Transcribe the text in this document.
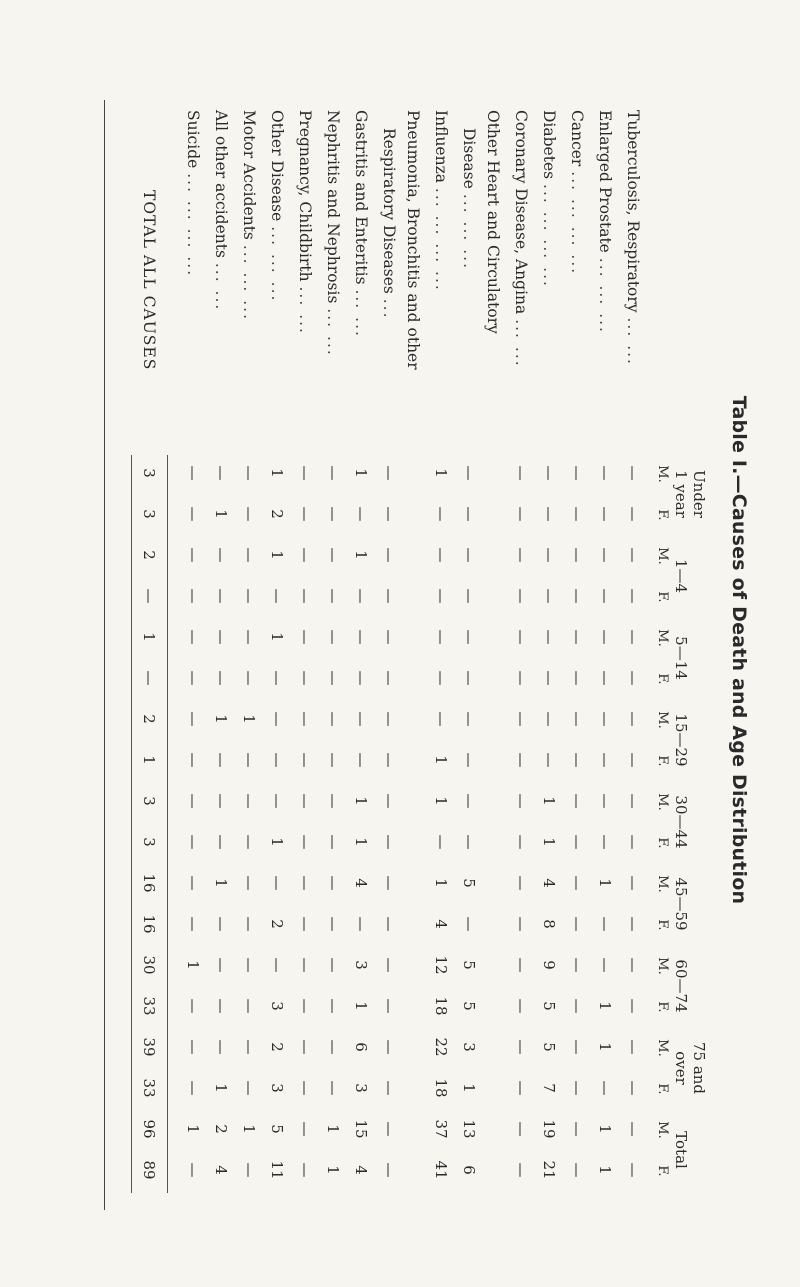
Table I.—Causes of Death and Age Distribution
Under
1 year
M.
F.
1—4
M.
F.
5—14
M.
F.
15—29
M.
F.
30—44
M.
F.
45—59
M.
F.
60—74
M.
F.
75 and
over
M.
F.
Total
M.
F.
Tuberculosis, Respiratory ... ...
—
—
—
—
—
—
—
—
—
—
—
—
—
—
—
—
—
—
Enlarged Prostate ... ... ...
—
—
—
—
—
—
—
—
—
—
1
—
—
1
1
—
1
1
Cancer ... ... ... ...
—
—
—
—
—
—
—
—
—
—
—
—
—
—
—
—
—
—
Diabetes ... ... ... ...
—
—
—
—
—
—
—
—
1
1
4
8
9
5
5
7
19
21
Coronary Disease, Angina ... ...
—
—
—
—
—
—
—
—
—
—
—
—
—
—
—
—
—
—
Other Heart and Circulatory
Disease ... ... ...
—
—
—
—
—
—
—
—
—
—
5
—
5
5
3
1
13
6
Influenza ... ... ... ...
1
—
—
—
—
—
—
1
1
—
1
4
12
18
22
18
37
41
Pneumonia, Bronchitis and other
Respiratory Diseases ...
—
—
—
—
—
—
—
—
—
—
—
—
—
—
—
—
—
—
Gastritis and Enteritis ... ...
1
—
1
—
—
—
—
—
1
1
4
—
3
1
6
3
15
4
Nephritis and Nephrosis ... ...
—
—
—
—
—
—
—
—
—
—
—
—
—
—
—
—
1
1
Pregnancy, Childbirth ... ...
—
—
—
—
—
—
—
—
—
—
—
—
—
—
—
—
—
—
Other Disease ... ... ...
1
2
1
—
1
—
—
—
—
1
—
2
—
3
2
3
5
11
Motor Accidents ... ... ...
—
—
—
—
—
—
1
—
—
—
—
—
—
—
—
—
1
—
All other accidents ... ...
—
1
—
—
—
—
1
—
—
—
1
—
—
—
—
1
2
4
Suicide ... ... ... ...
—
—
—
—
—
—
—
—
—
—
—
—
1
—
—
—
1
—
TOTAL ALL CAUSES
3
3
2
—
1
—
2
1
3
3
16
16
30
33
39
33
96
89
